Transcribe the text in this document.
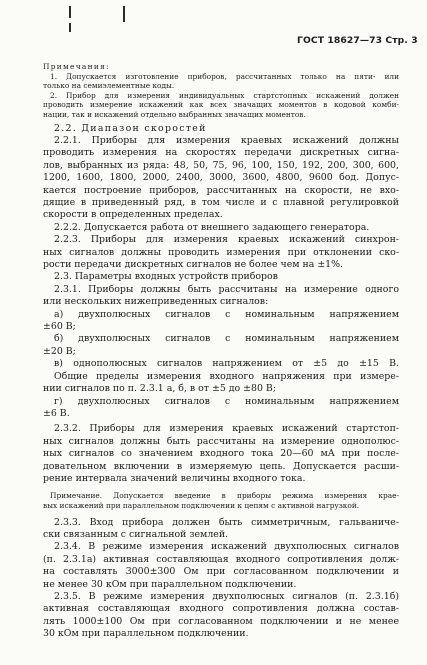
ГОСТ 18627—73 Стр. 3

Примечания:

1. Допускается изготовление приборов, рассчитанных только на пяти- или

только на семиэлементные коды.

2. Прибор для измерения индивидуальных стартстопных искажений должен

проводить измерение искажений как всех значащих моментов в кодовой комби-

нации, так и искажений отдельно выбранных значащих моментов.

2.2. Диапазон скоростей

2.2.1. Приборы для измерения краевых искажений должны

проводить измерения на скоростях передачи дискретных сигна-

лов, выбранных из ряда: 48, 50, 75, 96, 100, 150, 192, 200, 300, 600,

1200, 1600, 1800, 2000, 2400, 3000, 3600, 4800, 9600 бод. Допус-

кается построение приборов, рассчитанных на скорости, не вхо-

дящие в приведенный ряд, в том числе и с плавной регулировкой

скорости в определенных пределах.

2.2.2. Допускается работа от внешнего задающего генератора.

2.2.3. Приборы для измерения краевых искажений синхрон-

ных сигналов должны проводить измерения при отклонении ско-

рости передачи дискретных сигналов не более чем на ±1%.

2.3. Параметры входных устройств приборов

2.3.1. Приборы должны быть рассчитаны на измерение одного

или нескольких нижеприведенных сигналов:

а) двухполюсных сигналов с номинальным напряжением

±60 В;

б) двухполюсных сигналов с номинальным напряжением

±20 В;

в) однополюсных сигналов напряжением от ±5 до ±15 В.

Общие пределы измерения входного напряжения при измере-

нии сигналов по п. 2.3.1 а, б, в от ±5 до ±80 В;

г) двухполюсных сигналов с номинальным напряжением

±6 В.

2.3.2. Приборы для измерения краевых искажений стартстоп-

ных сигналов должны быть рассчитаны на измерение однополюс-

ных сигналов со значением входного тока 20—60 мА при после-

довательном включении в измеряемую цепь. Допускается расши-

рение интервала значений величины входного тока.

Примечание. Допускается введение в приборы режима измерения крае-

вых искажений при параллельном подключении к цепям с активной нагрузкой.

2.3.3. Вход прибора должен быть симметричным, гальваниче-

ски связанным с сигнальной землей.

2.3.4. В режиме измерения искажений двухполюсных сигналов

(п. 2.3.1а) активная составляющая входного сопротивления долж-

на составлять 3000±300 Ом при согласованном подключении и

не менее 30 кОм при параллельном подключении.

2.3.5. В режиме измерения двухполюсных сигналов (п. 2.3.1б)

активная составляющая входного сопротивления должна состав-

лять 1000±100 Ом при согласованном подключении и не менее

30 кОм при параллельном подключении.
